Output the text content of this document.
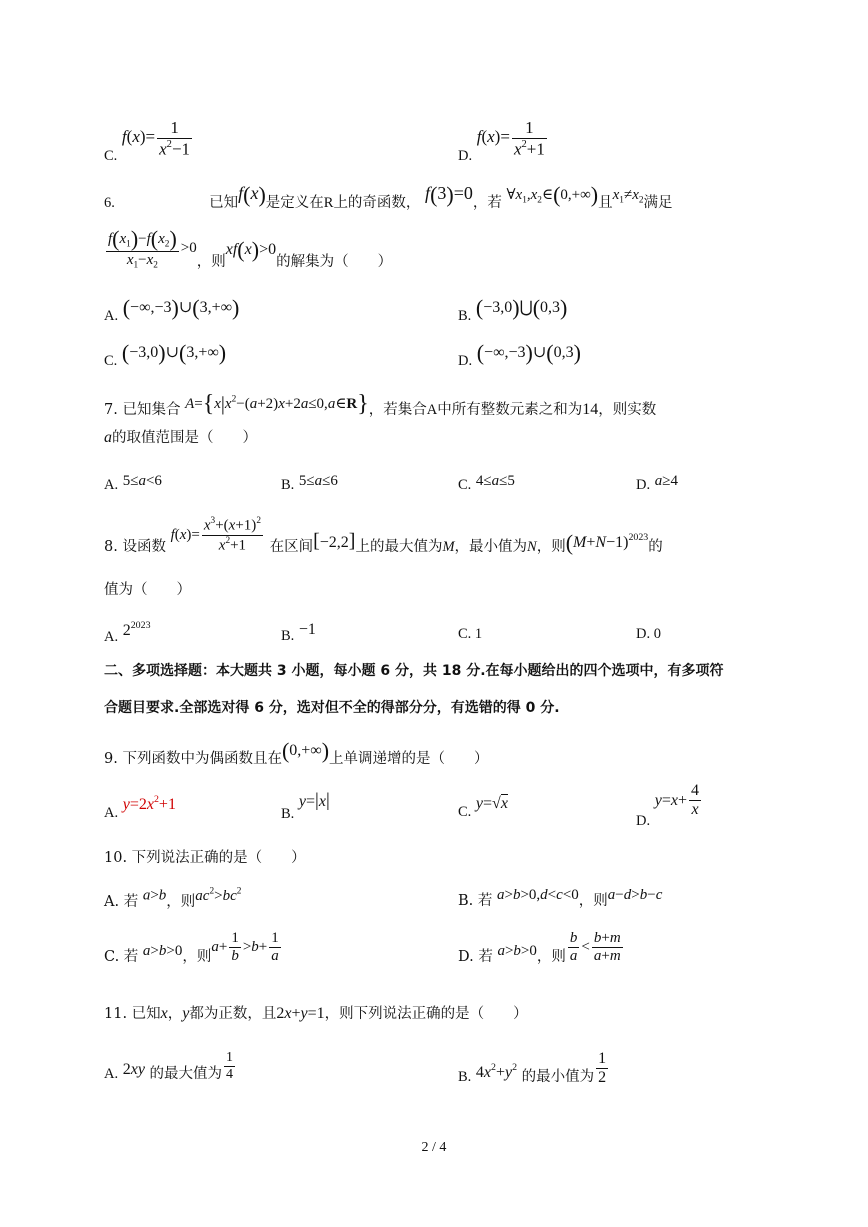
C. $f(x)= \frac{1}{x^2-1}$	D. $f(x)= \frac{1}{x^2+1}$
6.	已知f(x)是定义在R上的奇函数， f(3)=0，若 $\forall x_1,x_2\in(0,+\infty)$且$x_1\ne x_2$满足
$\frac{f(x_1)-f(x_2)}{x_1-x_2} >0$，则xf(x)>0的解集为（　　）
A. (−∞,−3)∪(3,+∞)	B. (−3,0)⋃(0,3)
C. (−3,0)∪(3,+∞)	D. (−∞,−3)∪(0,3)
7. 已知集合 $A=\{x|x^2-(a+2)x+2a\le 0,a\in R\}$，若集合A中所有整数元素之和为14，则实数
a的取值范围是（　　）
A. 5≤a<6	B. 5≤a≤6	C. 4≤a≤5	D. a≥4
8. 设函数 $f(x)= \frac{x^3+(x+1)^2}{x^2+1}$ 在区间[−2,2]上的最大值为M，最小值为N，则$(M+N-1)^{2023}$的
值为（　　）
A. $2^{2023}$
B. −1	C. 1	D. 0
二、多项选择题：本大题共 3 小题，每小题 6 分，共 18 分.在每小题给出的四个选项中，有多项符
合题目要求.全部选对得 6 分，选对但不全的得部分分，有选错的得 0 分.
9. 下列函数中为偶函数且在(0,+∞)上单调递增的是（　　）
A. $y=2x^2+1$
B. y=|x|
C. y=√x
D. $y=x+ \frac{4}{x}$
10. 下列说法正确的是（　　）
A. 若 a>b，则$ac^2>bc^2$
B. 若 a>b>0,d<c<0，则a−d>b−c
C. 若 a>b>0，则$a+ \frac{1}{b} >b+ \frac{1}{a}$	D. 若 a>b>0，则 $\frac{b}{a} < \frac{b+m}{a+m}$
11. 已知x，y都为正数，且2x+y=1，则下列说法正确的是（　　）
A. 2xy 的最大值为 $\frac{1}{4}$	B. $4x^2+y^2$ 的最小值为 $\frac{1}{2}$
2 / 4
